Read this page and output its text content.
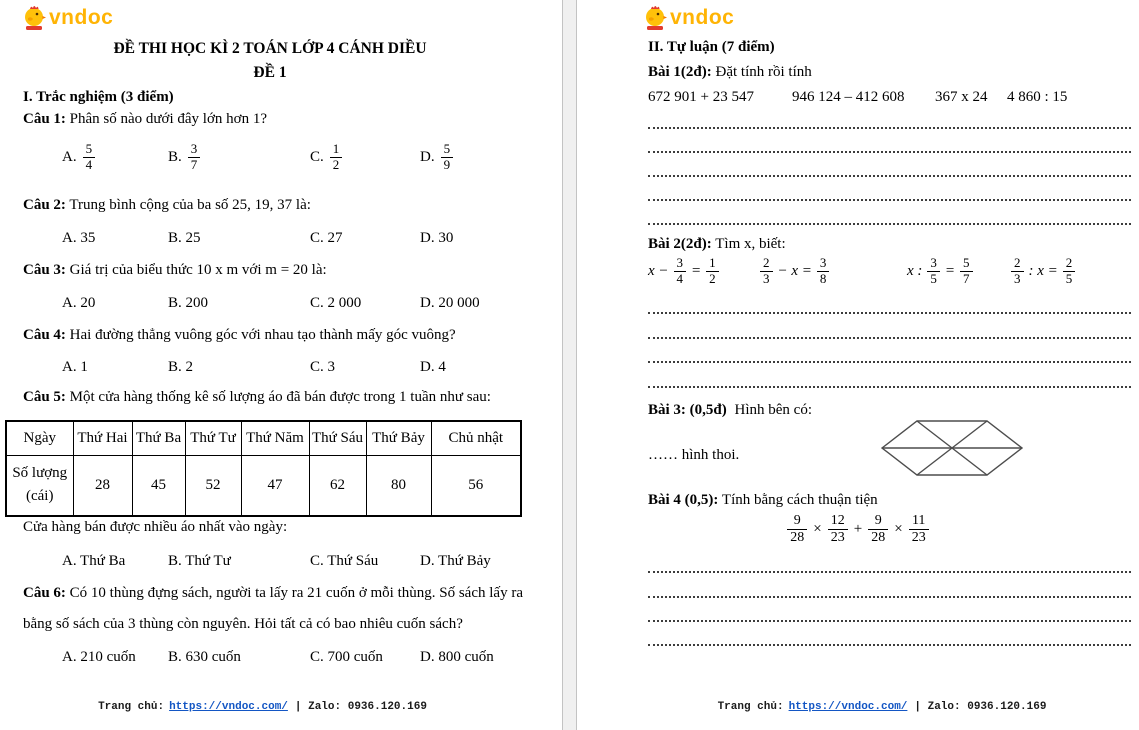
vndoc
ĐỀ THI HỌC KÌ 2 TOÁN LỚP 4 CÁNH DIỀU
ĐỀ 1
I. Trắc nghiệm (3 điểm)
Câu 1: Phân số nào dưới đây lớn hơn 1?
A. $\frac{5}{4}$	B. $\frac{3}{7}$	C. $\frac{1}{2}$	D. $\frac{5}{9}$
Câu 2: Trung bình cộng của ba số 25, 19, 37 là:
A. 35	B. 25	C. 27	D. 30
Câu 3: Giá trị của biểu thức 10 x m với m = 20 là:
A. 20	B. 200	C. 2 000	D. 20 000
Câu 4: Hai đường thẳng vuông góc với nhau tạo thành mấy góc vuông?
A. 1	B. 2	C. 3	D. 4
Câu 5: Một cửa hàng thống kê số lượng áo đã bán được trong 1 tuần như sau:
Ngày	Thứ Hai	Thứ Ba	Thứ Tư	Thứ Năm	Thứ Sáu	Thứ Bảy	Chủ nhật

Số lượng
(cái)	28	45	52	47	62	80	56
Cửa hàng bán được nhiều áo nhất vào ngày:
A. Thứ Ba	B. Thứ Tư	C. Thứ Sáu	D. Thứ Bảy
Câu 6: Có 10 thùng đựng sách, người ta lấy ra 21 cuốn ở mỗi thùng. Số sách lấy ra
bằng số sách của 3 thùng còn nguyên. Hỏi tất cả có bao nhiêu cuốn sách?
A. 210 cuốn B. 630 cuốn	C. 700 cuốn D. 800 cuốn
Trang chủ: https://vndoc.com/ | Zalo: 0936.120.169
vndoc
II. Tự luận (7 điểm)
Bài 1(2đ): Đặt tính rồi tính
672 901 + 23 547	946 124 – 412 608 367 x 24 4 860 : 15
Bài 2(2đ): Tìm x, biết:
$x - \frac{3}{4} = \frac{1}{2}$	$\frac{2}{3} - x = \frac{3}{8}$	x : $\frac{3}{5} = \frac{5}{7}$	$\frac{2}{3}$ : $x = \frac{2}{5}$
Bài 3: (0,5đ) Hình bên có:
…… hình thoi.
Bài 4 (0,5): Tính bằng cách thuận tiện
$\frac{9}{28} \times \frac{12}{23} + \frac{9}{28} \times \frac{11}{23}$
Trang chủ: https://vndoc.com/ | Zalo: 0936.120.169
